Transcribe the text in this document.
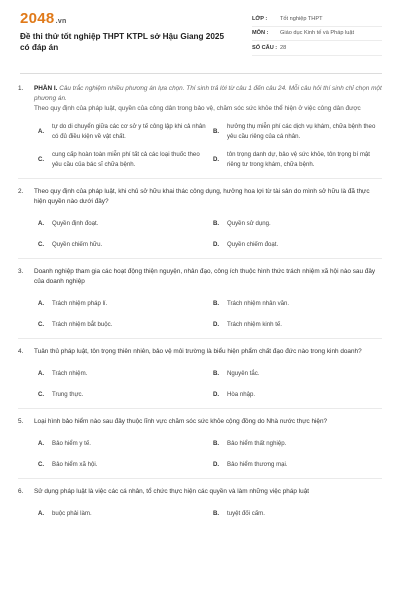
2048.vn
Đề thi thử tốt nghiệp THPT KTPL sở Hậu Giang 2025 có đáp án
LỚP :	Tốt nghiệp THPT
MÔN :	Giáo dục Kinh tế và Pháp luật
SỐ CÂU : 28
1.	PHẦN I. Câu trắc nghiệm nhiều phương án lựa chọn. Thí sinh trả lời từ câu 1 đến câu 24. Mỗi câu hỏi thí sinh chỉ chọn một phương án.
Theo quy định của pháp luật, quyền của công dân trong bảo vệ, chăm sóc sức khỏe thể hiện ở việc công dân được
A.
tự do di chuyển giữa các cơ sở y tế công lập khi cả nhân có đủ điều kiện về vật chất.
B.
hưởng thụ miễn phí các dịch vụ khám, chữa bệnh theo yêu cầu riêng của cá nhân.
C.
cung cấp hoàn toàn miễn phí tất cả các loại thuốc theo yêu cầu của bác sĩ chữa bệnh.
D.
tôn trọng danh dự, bảo vệ sức khỏe, tôn trọng bí mật riêng tư trong khám, chữa bệnh.
2.	Theo quy định của pháp luật, khi chủ sở hữu khai thác công dụng, hưởng hoa lợi từ tài sản do mình sở hữu là đã thực hiện quyền nào dưới đây?
A.	Quyền định đoạt.	B.	Quyền sử dụng.
C.	Quyền chiếm hữu.	D.	Quyền chiếm đoạt.
3.	Doanh nghiệp tham gia các hoạt động thiện nguyện, nhân đạo, công ích thuộc hình thức trách nhiệm xã hội nào sau đây của doanh nghiệp
A.	Trách nhiệm pháp lí.	B.	Trách nhiệm nhân văn.
C.	Trách nhiệm bắt buộc.	D.	Trách nhiệm kinh tế.
4.	Tuân thủ pháp luật, tôn trọng thiên nhiên, bảo vệ môi trường là biểu hiện phẩm chất đạo đức nào trong kinh doanh?
A.	Trách nhiệm.	B.	Nguyên tắc.
C.	Trung thực.	D.	Hòa nhập.
5.	Loại hình bảo hiểm nào sau đây thuộc lĩnh vực chăm sóc sức khỏe cộng đồng do Nhà nước thực hiện?
A.	Bảo hiểm y tế.	B.	Bảo hiểm thất nghiệp.
C.	Bảo hiểm xã hội.	D.	Bảo hiểm thương mại.
6.	Sử dụng pháp luật là việc các cá nhân, tổ chức thực hiện các quyền và làm những việc pháp luật
A.	buộc phải làm.	B.	tuyệt đối cấm.
